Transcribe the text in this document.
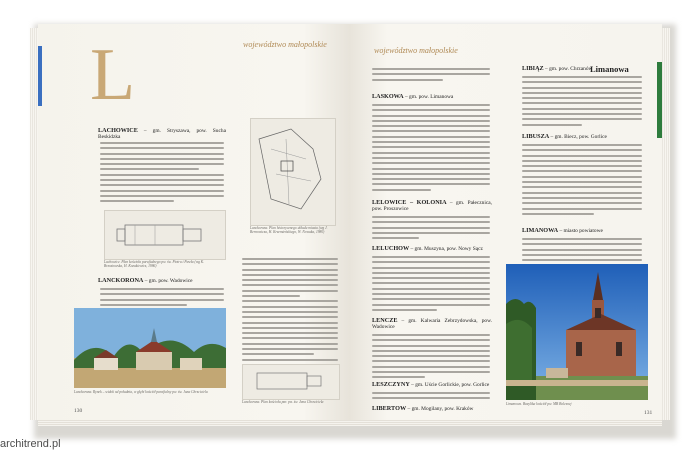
L	województwo małopolskie
LACHOWICE – gm. Stryszawa, pow. Sucha Beskidzka
Lachowice. Plan kościoła parafialnego pw. św. Piotra i Pawła (wg K. Brzostowska, H. Kozakiewicz, 1986)
Lanckorona. Plan historycznego układu miasta (wg J. Bernowicza, H. Krzemieńskiego, W. Nowaka, 1980)
LANCKORONA – gm. pow. Wadowice
Lanckorona. Rynek – widok od południa, w głębi kościół parafialny pw. św. Jana Chrzciciela
Lanckorona. Plan kościoła par. pw. św. Jana Chrzciciela
130
województwo małopolskie
Limanowa
LASKOWA – gm. pow. Limanowa
LELOWICE – KOLONIA – gm. Pałecznica, pow. Proszowice
LELUCHÓW – gm. Muszyna, pow. Nowy Sącz
LEŃCZE – gm. Kalwaria Zebrzydowska, pow. Wadowice
LESZCZYNY – gm. Uście Gorlickie, pow. Gorlice
LIBERTÓW – gm. Mogilany, pow. Kraków
LIBIĄŻ – gm. pow. Chrzanów
LIBUSZA – gm. Biecz, pow. Gorlice
LIMANOWA – miasto powiatowe
Limanowa. Bazylika kościół pw. MB Bolesnej
131
architrend.pl
